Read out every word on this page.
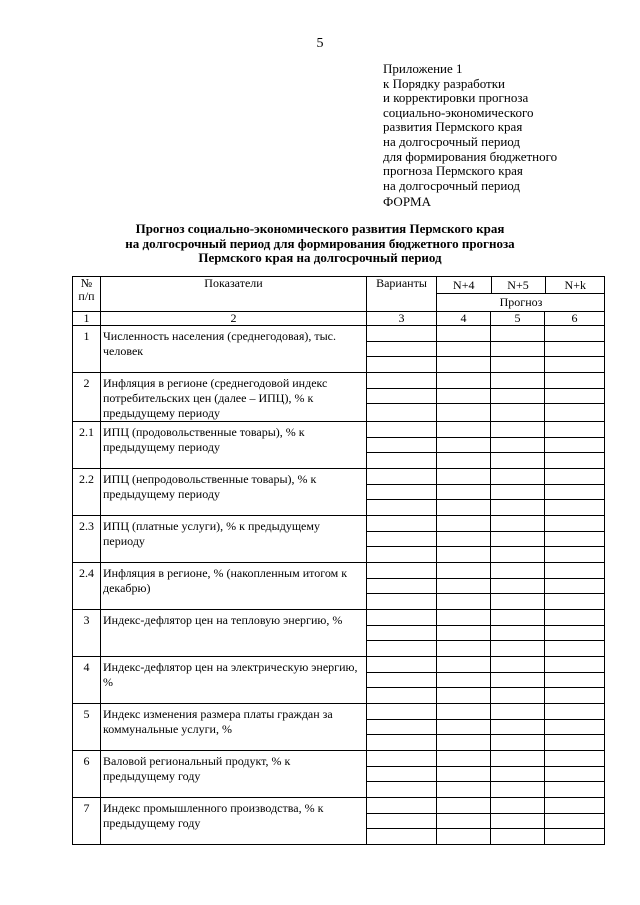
5
Приложение 1
к Порядку разработки
и корректировки прогноза
социально-экономического
развития Пермского края
на долгосрочный период
для формирования бюджетного
прогноза Пермского края
на долгосрочный период
ФОРМА
Прогноз социально-экономического развития Пермского края
на долгосрочный период для формирования бюджетного прогноза
Пермского края на долгосрочный период
№
п/п	Показатели	Варианты	N+4	N+5	N+k
Прогноз

1	2	3	4	5	6
1	Численность населения (среднегодовая), тыс. человек	

2	Инфляция в регионе (среднегодовой индекс потребительских цен (далее – ИПЦ), % к предыдущему периоду	

2.1	ИПЦ (продовольственные товары), % к предыдущему периоду	

2.2	ИПЦ (непродовольственные товары), % к предыдущему периоду	

2.3	ИПЦ (платные услуги), % к предыдущему периоду	

2.4	Инфляция в регионе, % (накопленным итогом к декабрю)	

3	Индекс-дефлятор цен на тепловую энергию, %	

4	Индекс-дефлятор цен на электрическую энергию, %	

5	Индекс изменения размера платы граждан за коммунальные услуги, %	

6	Валовой региональный продукт, % к предыдущему году	

7	Индекс промышленного производства, % к предыдущему году	
